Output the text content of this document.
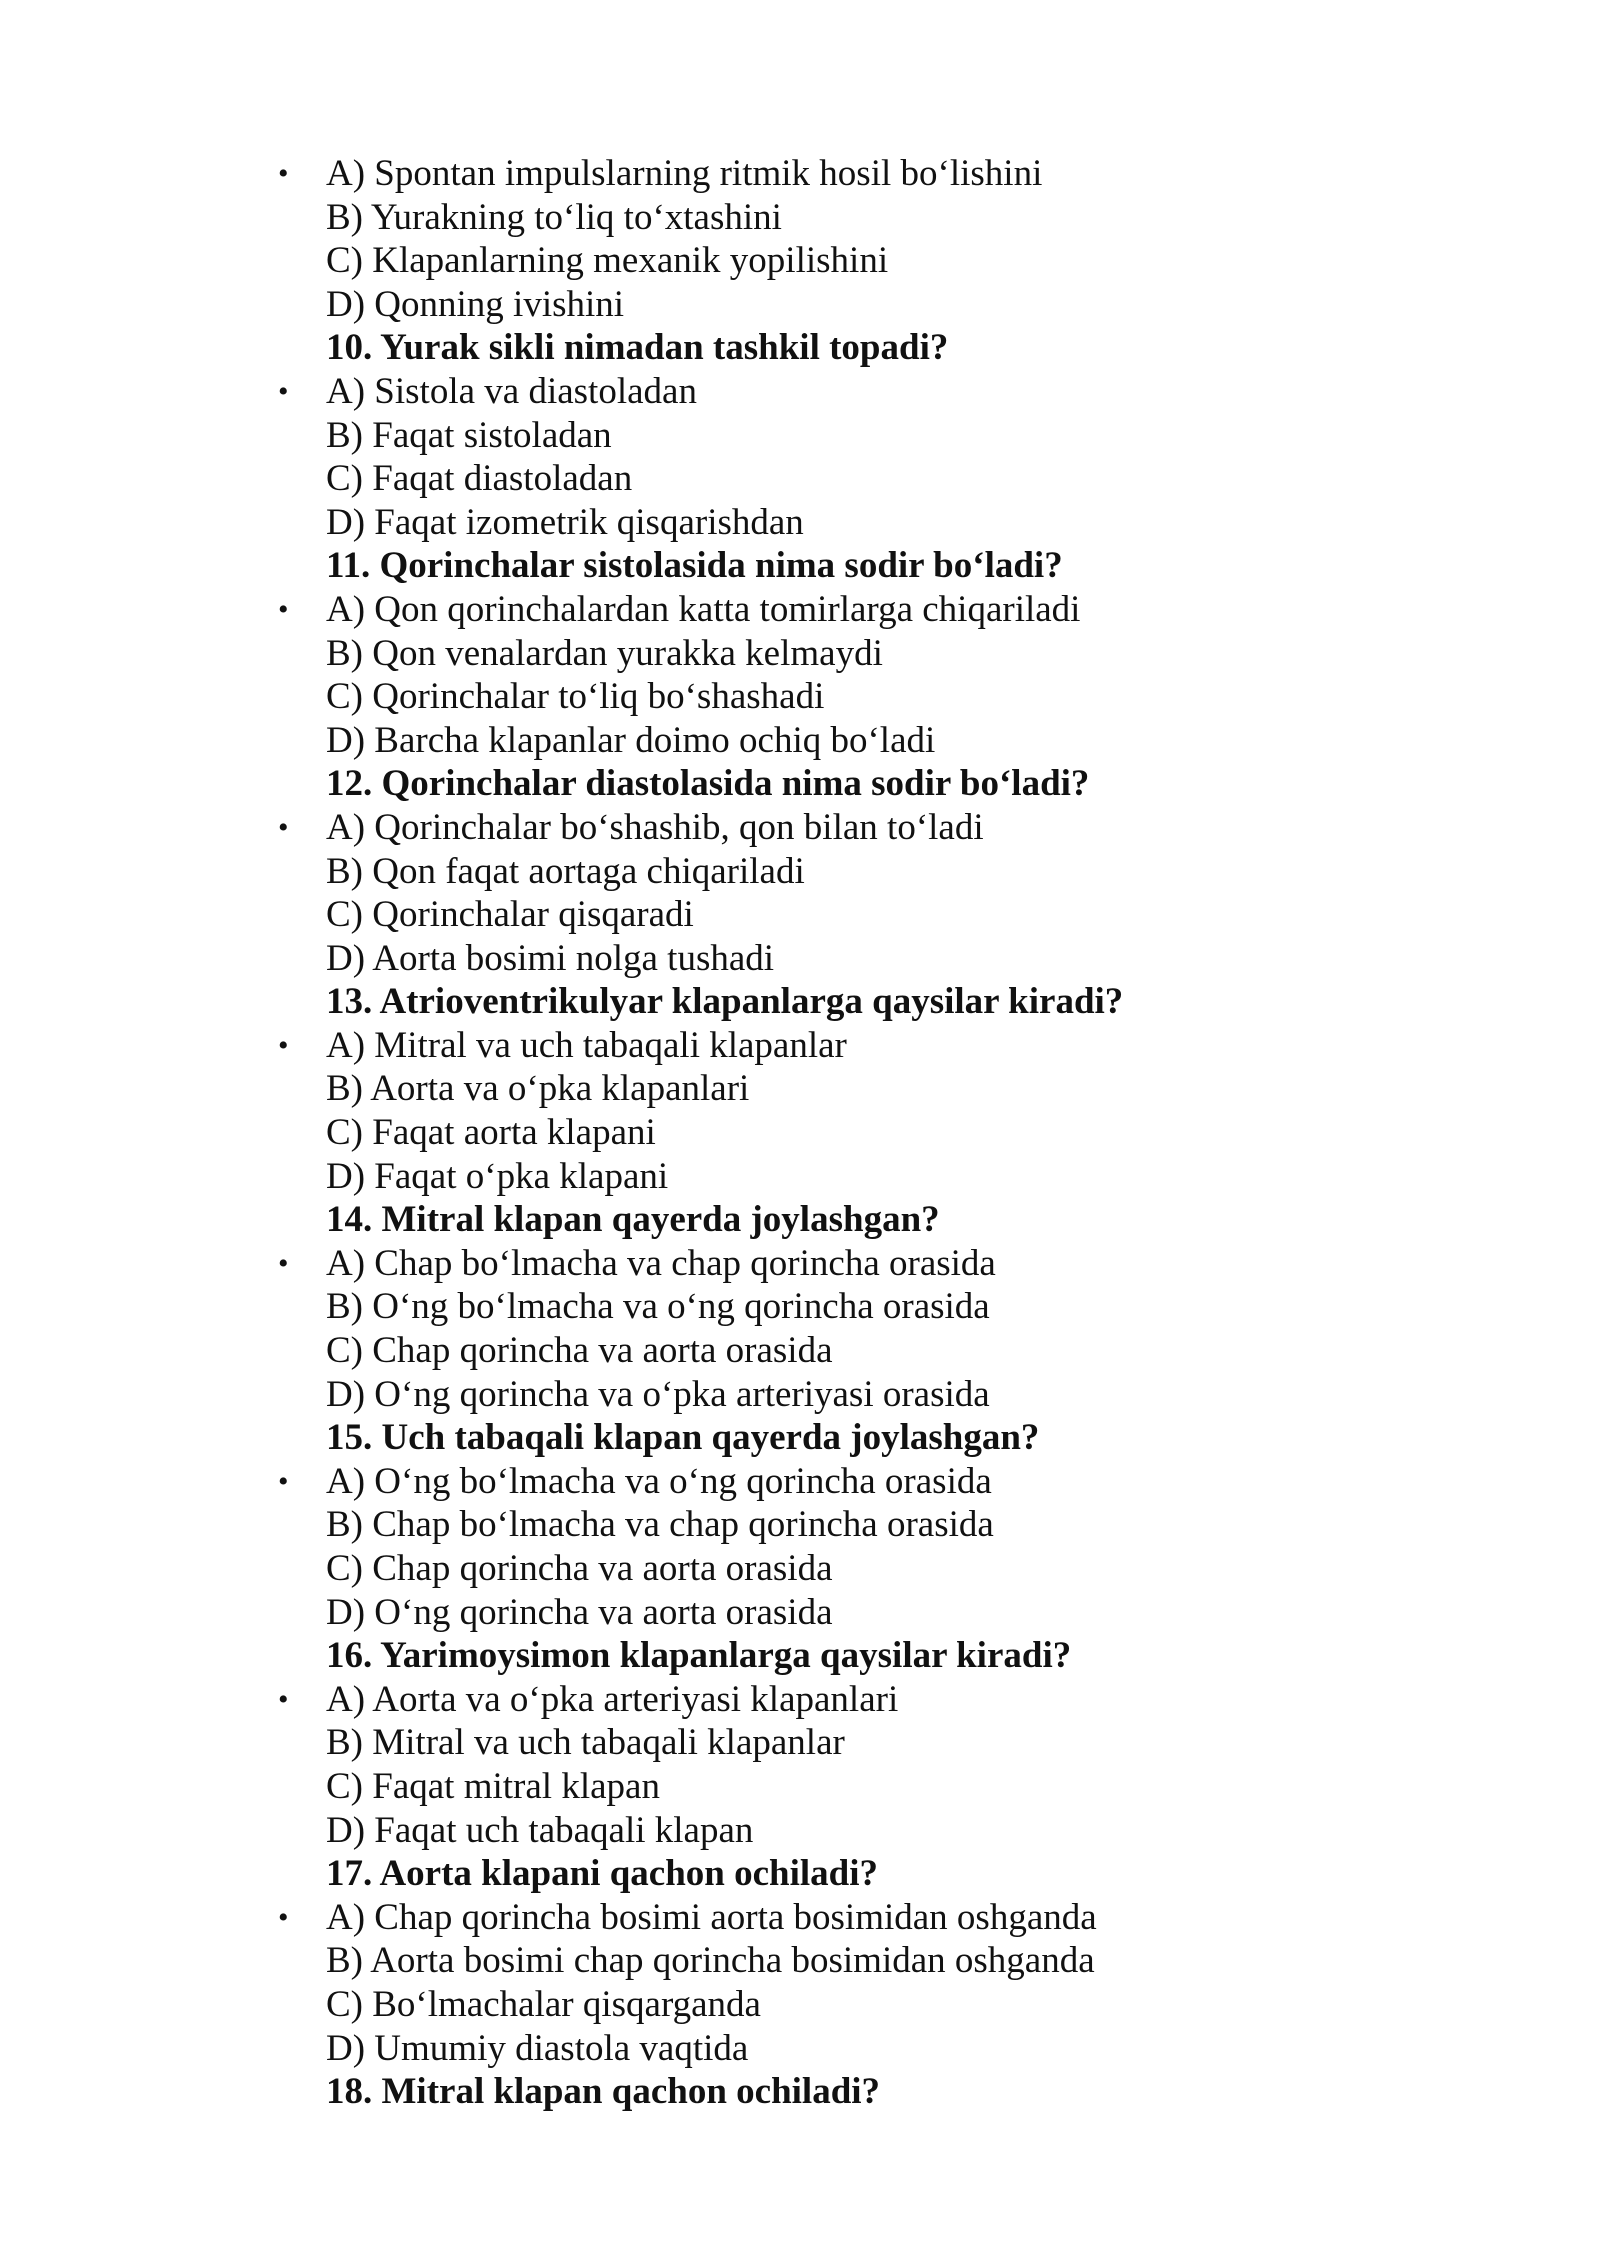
• A) Spontan impulslarning ritmik hosil bo‘lishini
B) Yurakning to‘liq to‘xtashini
C) Klapanlarning mexanik yopilishini
D) Qonning ivishini
10. Yurak sikli nimadan tashkil topadi?
• A) Sistola va diastoladan
B) Faqat sistoladan
C) Faqat diastoladan
D) Faqat izometrik qisqarishdan
11. Qorinchalar sistolasida nima sodir bo‘ladi?
• A) Qon qorinchalardan katta tomirlarga chiqariladi
B) Qon venalardan yurakka kelmaydi
C) Qorinchalar to‘liq bo‘shashadi
D) Barcha klapanlar doimo ochiq bo‘ladi
12. Qorinchalar diastolasida nima sodir bo‘ladi?
• A) Qorinchalar bo‘shashib, qon bilan to‘ladi
B) Qon faqat aortaga chiqariladi
C) Qorinchalar qisqaradi
D) Aorta bosimi nolga tushadi
13. Atrioventrikulyar klapanlarga qaysilar kiradi?
• A) Mitral va uch tabaqali klapanlar
B) Aorta va o‘pka klapanlari
C) Faqat aorta klapani
D) Faqat o‘pka klapani
14. Mitral klapan qayerda joylashgan?
• A) Chap bo‘lmacha va chap qorincha orasida
B) O‘ng bo‘lmacha va o‘ng qorincha orasida
C) Chap qorincha va aorta orasida
D) O‘ng qorincha va o‘pka arteriyasi orasida
15. Uch tabaqali klapan qayerda joylashgan?
• A) O‘ng bo‘lmacha va o‘ng qorincha orasida
B) Chap bo‘lmacha va chap qorincha orasida
C) Chap qorincha va aorta orasida
D) O‘ng qorincha va aorta orasida
16. Yarimoysimon klapanlarga qaysilar kiradi?
• A) Aorta va o‘pka arteriyasi klapanlari
B) Mitral va uch tabaqali klapanlar
C) Faqat mitral klapan
D) Faqat uch tabaqali klapan
17. Aorta klapani qachon ochiladi?
• A) Chap qorincha bosimi aorta bosimidan oshganda
B) Aorta bosimi chap qorincha bosimidan oshganda
C) Bo‘lmachalar qisqarganda
D) Umumiy diastola vaqtida
18. Mitral klapan qachon ochiladi?
